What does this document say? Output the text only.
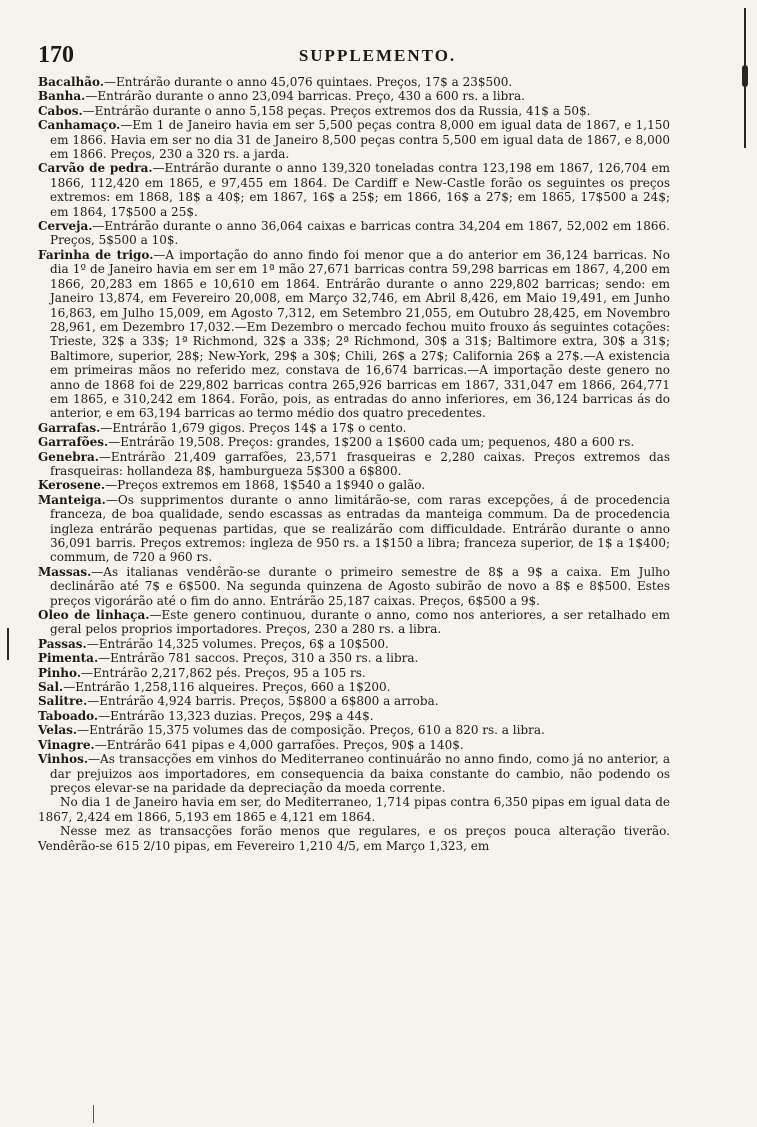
170	SUPPLEMENTO.

Bacalhão.—Entrárão durante o anno 45,076 quintaes. Preços, 17$ a 23$500.

Banha.—Entrárão durante o anno 23,094 barricas. Preço, 430 a 600 rs. a libra.

Cabos.—Entrárão durante o anno 5,158 peças. Preços extremos dos da Russia, 41$ a 50$.

Canhamaço.—Em 1 de Janeiro havia em ser 5,500 peças contra 8,000 em igual data de 1867, e 1,150 em 1866. Havia em ser no dia 31 de Janeiro 8,500 peças contra 5,500 em igual data de 1867, e 8,000 em 1866. Preços, 230 a 320 rs. a jarda.

Carvão de pedra.—Entrárão durante o anno 139,320 toneladas contra 123,198 em 1867, 126,704 em 1866, 112,420 em 1865, e 97,455 em 1864. De Cardiff e New-Castle forão os seguintes os preços extremos: em 1868, 18$ a 40$; em 1867, 16$ a 25$; em 1866, 16$ a 27$; em 1865, 17$500 a 24$; em 1864, 17$500 a 25$.

Cerveja.—Entrárão durante o anno 36,064 caixas e barricas contra 34,204 em 1867, 52,002 em 1866. Preços, 5$500 a 10$.

Farinha de trigo.—A importação do anno findo foi menor que a do anterior em 36,124 barricas. No dia 1º de Janeiro havia em ser em 1ª mão 27,671 barricas contra 59,298 barricas em 1867, 4,200 em 1866, 20,283 em 1865 e 10,610 em 1864. Entrárão durante o anno 229,802 barricas; sendo: em Janeiro 13,874, em Fevereiro 20,008, em Março 32,746, em Abril 8,426, em Maio 19,491, em Junho 16,863, em Julho 15,009, em Agosto 7,312, em Setembro 21,055, em Outubro 28,425, em Novembro 28,961, em Dezembro 17,032.—Em Dezembro o mercado fechou muito frouxo ás seguintes cotações: Trieste, 32$ a 33$; 1ª Richmond, 32$ a 33$; 2ª Richmond, 30$ a 31$; Baltimore extra, 30$ a 31$; Baltimore, superior, 28$; New-York, 29$ a 30$; Chili, 26$ a 27$; California 26$ a 27$.—A existencia em primeiras mãos no referido mez, constava de 16,674 barricas.—A importação deste genero no anno de 1868 foi de 229,802 barricas contra 265,926 barricas em 1867, 331,047 em 1866, 264,771 em 1865, e 310,242 em 1864. Forão, pois, as entradas do anno inferiores, em 36,124 barricas ás do anterior, e em 63,194 barricas ao termo médio dos quatro precedentes.

Garrafas.—Entrárão 1,679 gigos. Preços 14$ a 17$ o cento.

Garrafões.—Entrárão 19,508. Preços: grandes, 1$200 a 1$600 cada um; pequenos, 480 a 600 rs.

Genebra.—Entrárão 21,409 garrafões, 23,571 frasqueiras e 2,280 caixas. Preços extremos das frasqueiras: hollandeza 8$, hamburgueza 5$300 a 6$800.

Kerosene.—Preços extremos em 1868, 1$540 a 1$940 o galão.

Manteiga.—Os supprimentos durante o anno limitárão-se, com raras excepções, á de procedencia franceza, de boa qualidade, sendo escassas as entradas da manteiga commum. Da de procedencia ingleza entrárão pequenas partidas, que se realizárão com difficuldade. Entrárão durante o anno 36,091 barris. Preços extremos: ingleza de 950 rs. a 1$150 a libra; franceza superior, de 1$ a 1$400; commum, de 720 a 960 rs.

Massas.—As italianas vendêrão-se durante o primeiro semestre de 8$ a 9$ a caixa. Em Julho declinárão até 7$ e 6$500. Na segunda quinzena de Agosto subirão de novo a 8$ e 8$500. Estes preços vigorárão até o fim do anno. Entrárão 25,187 caixas. Preços, 6$500 a 9$.

Oleo de linhaça.—Este genero continuou, durante o anno, como nos anteriores, a ser retalhado em geral pelos proprios importadores. Preços, 230 a 280 rs. a libra.

Passas.—Entrárão 14,325 volumes. Preços, 6$ a 10$500.

Pimenta.—Entrárão 781 saccos. Preços, 310 a 350 rs. a libra.

Pinho.—Entrárão 2,217,862 pés. Preços, 95 a 105 rs.

Sal.—Entrárão 1,258,116 alqueires. Preços, 660 a 1$200.

Salitre.—Entrárão 4,924 barris. Preços, 5$800 a 6$800 a arroba.

Taboado.—Entrárão 13,323 duzias. Preços, 29$ a 44$.

Velas.—Entrárão 15,375 volumes das de composição. Preços, 610 a 820 rs. a libra.

Vinagre.—Entrárão 641 pipas e 4,000 garrafões. Preços, 90$ a 140$.

Vinhos.—As transacções em vinhos do Mediterraneo continuárão no anno findo, como já no anterior, a dar prejuizos aos importadores, em consequencia da baixa constante do cambio, não podendo os preços elevar-se na paridade da depreciação da moeda corrente.

No dia 1 de Janeiro havia em ser, do Mediterraneo, 1,714 pipas contra 6,350 pipas em igual data de 1867, 2,424 em 1866, 5,193 em 1865 e 4,121 em 1864.

Nesse mez as transacções forão menos que regulares, e os preços pouca alteração tiverão. Vendêrão-se 615 2/10 pipas, em Fevereiro 1,210 4/5, em Março 1,323, em
